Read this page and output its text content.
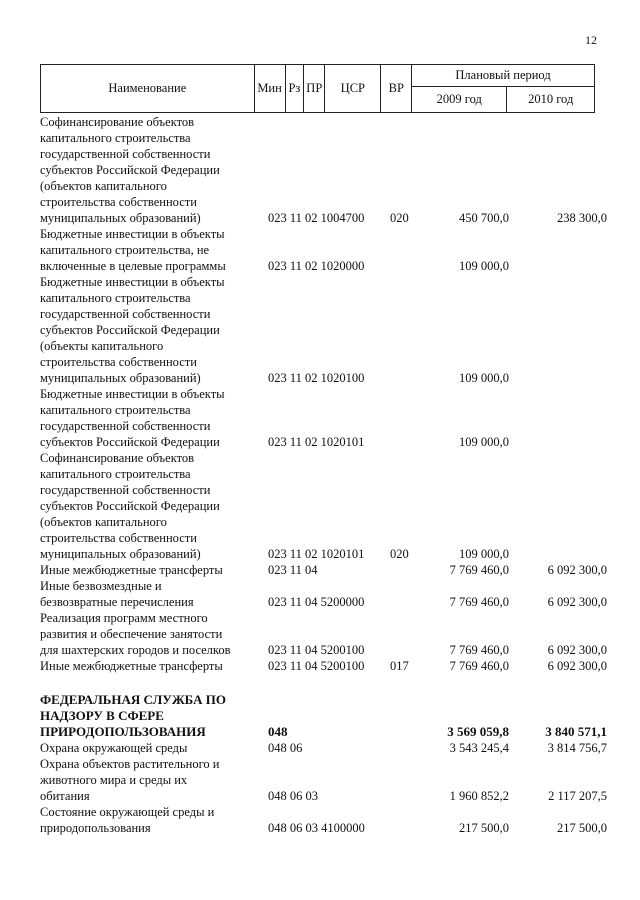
12
Наименование	Мин	Рз	ПР	ЦСР	ВР	Плановый период	
						2009 год	2010 год
Софинансирование объектов
капитального строительства
государственной собственности
субъектов Российской Федерации
(объектов капитального
строительства собственности
муниципальных образований)	023 11 02 1004700 020	450 700,0	238 300,0
Бюджетные инвестиции в объекты
капитального строительства, не
включенные в целевые программы	023 11 02 1020000	109 000,0
Бюджетные инвестиции в объекты
капитального строительства
государственной собственности
субъектов Российской Федерации
(объекты капитального
строительства собственности
муниципальных образований)	023 11 02 1020100	109 000,0
Бюджетные инвестиции в объекты
капитального строительства
государственной собственности
субъектов Российской Федерации	023 11 02 1020101	109 000,0
Софинансирование объектов
капитального строительства
государственной собственности
субъектов Российской Федерации
(объектов капитального
строительства собственности
муниципальных образований)	023 11 02 1020101 020	109 000,0
Иные межбюджетные трансферты	023 11 04	7 769 460,0	6 092 300,0
Иные безвозмездные и
безвозвратные перечисления	023 11 04 5200000	7 769 460,0	6 092 300,0
Реализация программ местного
развития и обеспечение занятости
для шахтерских городов и поселков	023 11 04 5200100	7 769 460,0	6 092 300,0
Иные межбюджетные трансферты	023 11 04 5200100 017	7 769 460,0	6 092 300,0
ФЕДЕРАЛЬНАЯ СЛУЖБА ПО
НАДЗОРУ В СФЕРЕ
ПРИРОДОПОЛЬЗОВАНИЯ	048	3 569 059,8	3 840 571,1
Охрана окружающей среды	048 06	3 543 245,4	3 814 756,7
Охрана объектов растительного и
животного мира и среды их
обитания	048 06 03	1 960 852,2	2 117 207,5
Состояние окружающей среды и
природопользования	048 06 03 4100000	217 500,0	217 500,0
